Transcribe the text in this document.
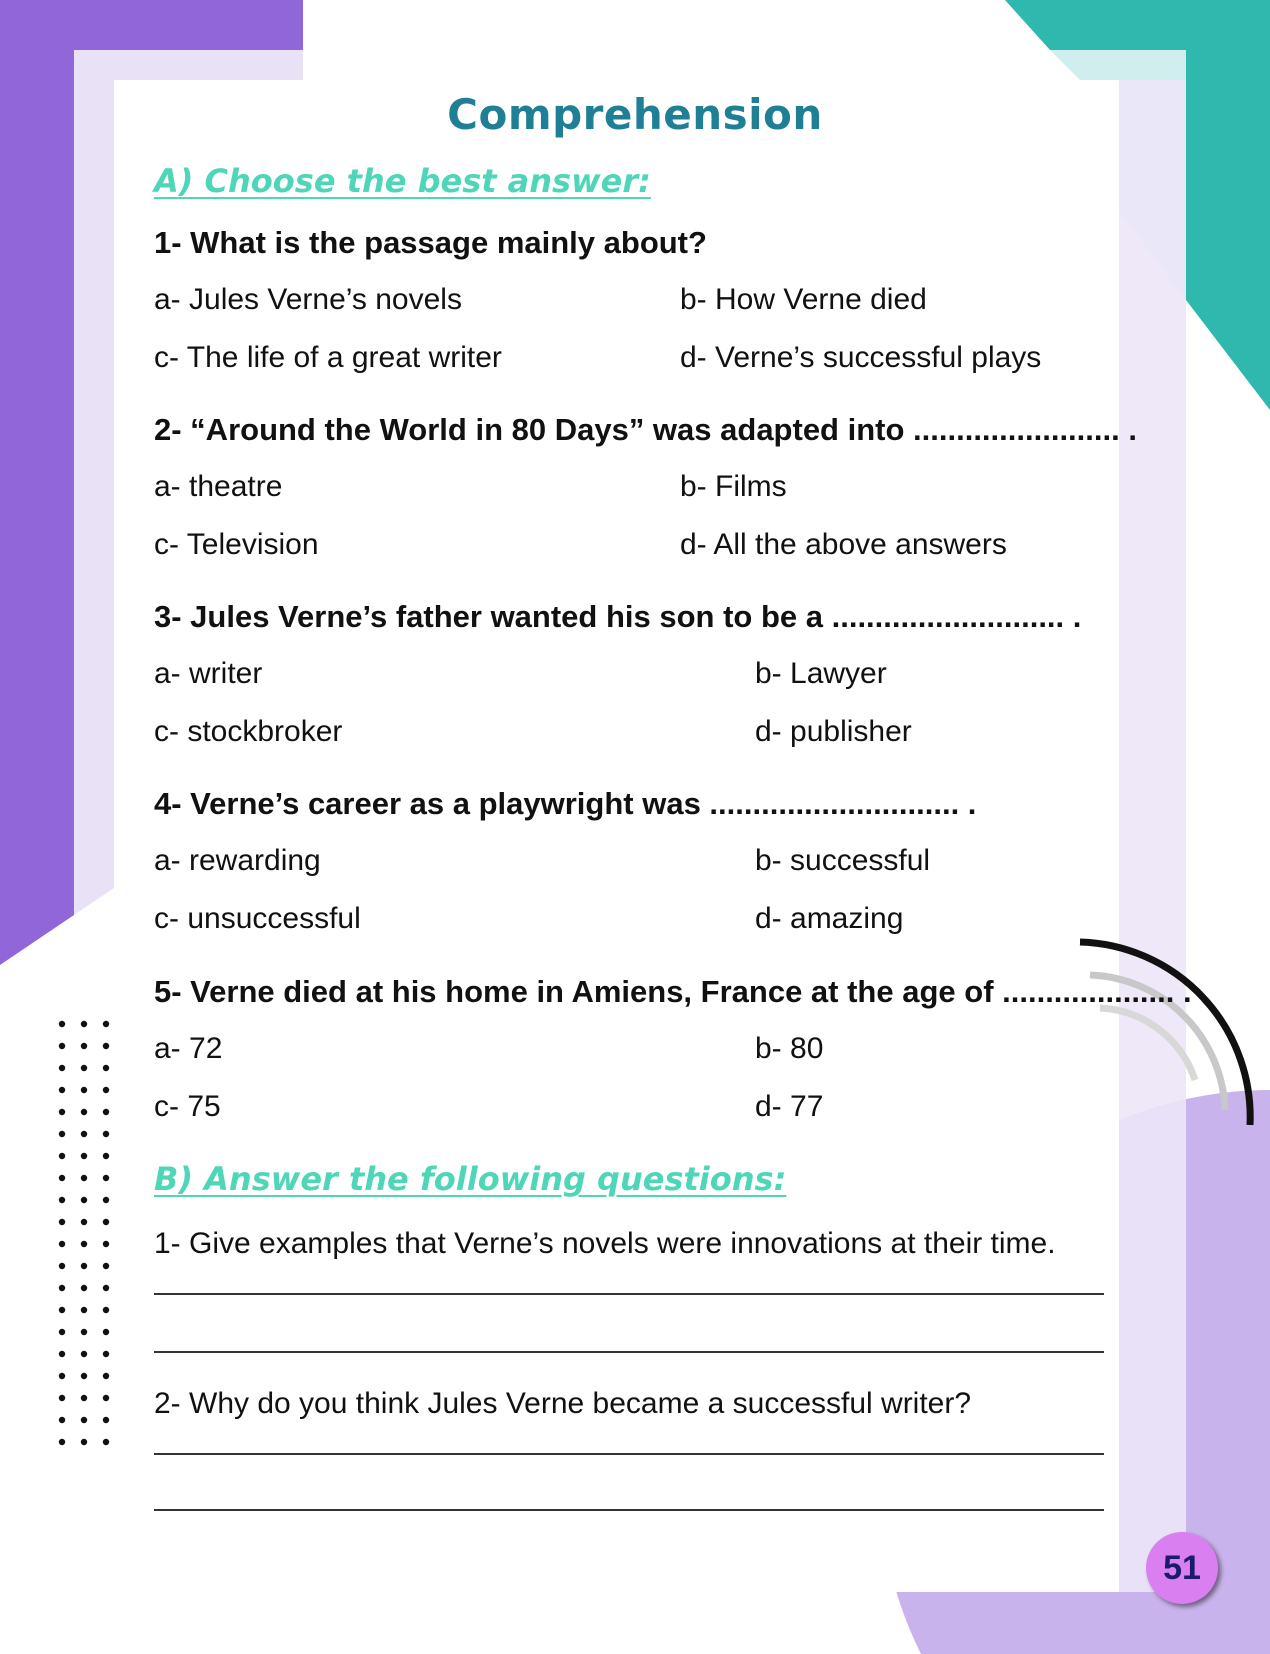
Comprehension
A) Choose the best answer:
1- What is the passage mainly about?
a- Jules Verne’s novels	b- How Verne died
c- The life of a great writer	d- Verne’s successful plays
2- “Around the World in 80 Days” was adapted into ........................ .
a- theatre	b- Films
c- Television	d- All the above answers
3- Jules Verne’s father wanted his son to be a ........................... .
a- writer	b- Lawyer
c- stockbroker	d- publisher
4- Verne’s career as a playwright was ............................. .
a- rewarding	b- successful
c- unsuccessful	d- amazing
5- Verne died at his home in Amiens, France at the age of .................... .
a- 72	b- 80
c- 75	d- 77
B) Answer the following questions:
1- Give examples that Verne’s novels were innovations at their time.
2- Why do you think Jules Verne became a successful writer?
51
